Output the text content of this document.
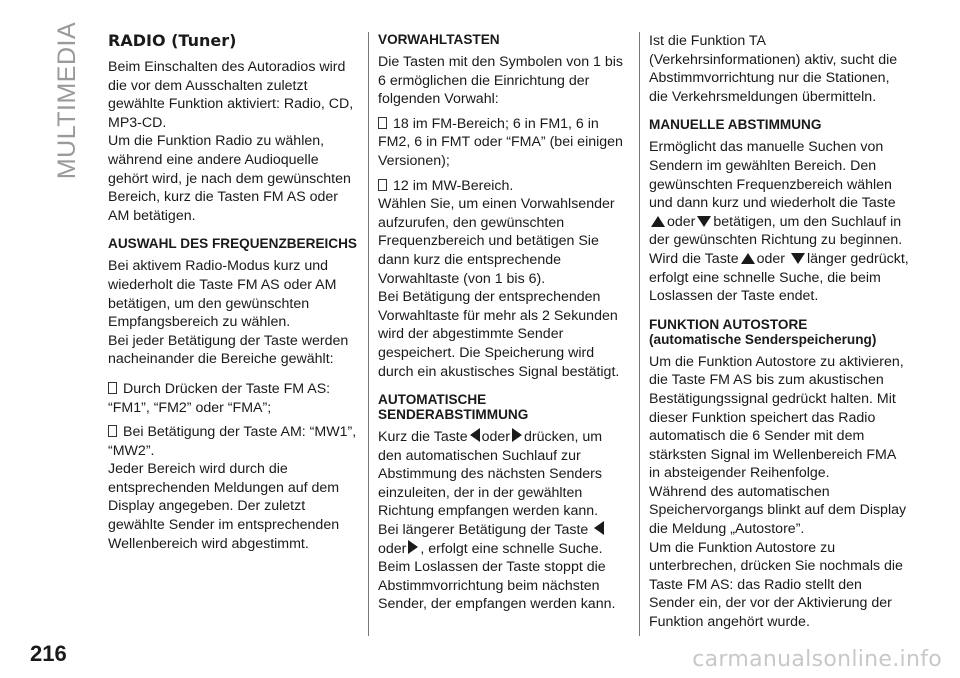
MULTIMEDIA RADIO (Tuner)

Beim Einschalten des Autoradios wird die vor dem Ausschalten zuletzt gewählte Funktion aktiviert: Radio, CD, MP3-CD.

Um die Funktion Radio zu wählen, während eine andere Audioquelle gehört wird, je nach dem gewünschten Bereich, kurz die Tasten FM AS oder AM betätigen.

AUSWAHL DES FREQUENZBEREICHS

Bei aktivem Radio-Modus kurz und wiederholt die Taste FM AS oder AM betätigen, um den gewünschten Empfangsbereich zu wählen.

Bei jeder Betätigung der Taste werden nacheinander die Bereiche gewählt:

Durch Drücken der Taste FM AS: “FM1”, “FM2” oder “FMA”;
Bei Betätigung der Taste AM: “MW1”, “MW2”.

Jeder Bereich wird durch die entsprechenden Meldungen auf dem Display angegeben. Der zuletzt gewählte Sender im entsprechenden Wellenbereich wird abgestimmt.

VORWAHLTASTEN

Die Tasten mit den Symbolen von 1 bis 6 ermöglichen die Einrichtung der folgenden Vorwahl:

18 im FM-Bereich; 6 in FM1, 6 in FM2, 6 in FMT oder “FMA” (bei einigen Versionen);
12 im MW-Bereich.

Wählen Sie, um einen Vorwahlsender aufzurufen, den gewünschten Frequenzbereich und betätigen Sie dann kurz die entsprechende Vorwahltaste (von 1 bis 6).

Bei Betätigung der entsprechenden Vorwahltaste für mehr als 2 Sekunden wird der abgestimmte Sender gespeichert. Die Speicherung wird durch ein akustisches Signal bestätigt.

AUTOMATISCHE SENDERABSTIMMUNG

Kurz die Taste oder drücken, um den automatischen Suchlauf zur Abstimmung des nächsten Senders einzuleiten, der in der gewählten Richtung empfangen werden kann.

Bei längerer Betätigung der Taste oder , erfolgt eine schnelle Suche.

Beim Loslassen der Taste stoppt die Abstimmvorrichtung beim nächsten Sender, der empfangen werden kann.

Ist die Funktion TA (Verkehrsinformationen) aktiv, sucht die Abstimmvorrichtung nur die Stationen, die Verkehrsmeldungen übermitteln.

MANUELLE ABSTIMMUNG

Ermöglicht das manuelle Suchen von Sendern im gewählten Bereich. Den gewünschten Frequenzbereich wählen und dann kurz und wiederholt die Tasteoder betätigen, um den Suchlauf in der gewünschten Richtung zu beginnen. Wird die Taste oder länger gedrückt, erfolgt eine schnelle Suche, die beim Loslassen der Taste endet.

FUNKTION AUTOSTORE
(automatische Senderspeicherung)

Um die Funktion Autostore zu aktivieren, die Taste FM AS bis zum akustischen Bestätigungssignal gedrückt halten. Mit dieser Funktion speichert das Radio automatisch die 6 Sender mit dem stärksten Signal im Wellenbereich FMA in absteigender Reihenfolge.

Während des automatischen Speichervorgangs blinkt auf dem Display die Meldung „Autostore”.

Um die Funktion Autostore zu unterbrechen, drücken Sie nochmals die Taste FM AS: das Radio stellt den Sender ein, der vor der Aktivierung der Funktion angehört wurde.

216	carmanualsonline.info
